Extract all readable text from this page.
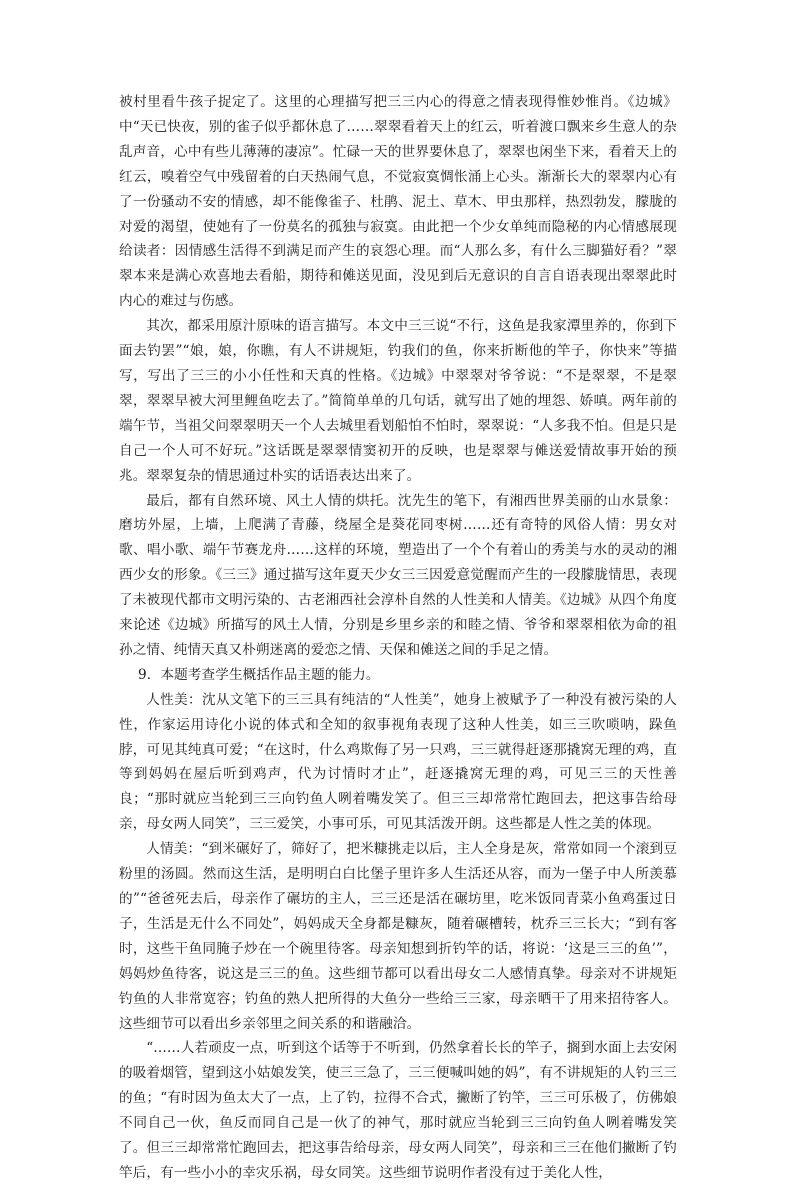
被村里看牛孩子捉定了。这里的心理描写把三三内心的得意之情表现得惟妙惟肖。《边城》中“天已快夜，别的雀子似乎都休息了……翠翠看着天上的红云，听着渡口飘来乡生意人的杂乱声音，心中有些儿薄薄的凄凉”。忙碌一天的世界要休息了，翠翠也闲坐下来，看着天上的红云，嗅着空气中残留着的白天热闹气息，不觉寂寞惆怅涌上心头。渐渐长大的翠翠内心有了一份骚动不安的情感，却不能像雀子、杜鹃、泥土、草木、甲虫那样，热烈勃发，朦胧的对爱的渴望，使她有了一份莫名的孤独与寂寞。由此把一个少女单纯而隐秘的内心情感展现给读者：因情感生活得不到满足而产生的哀怨心理。而“人那么多，有什么三脚猫好看？”翠翠本来是满心欢喜地去看船，期待和傩送见面，没见到后无意识的自言自语表现出翠翠此时内心的难过与伤感。

其次，都采用原汁原味的语言描写。本文中三三说“不行，这鱼是我家潭里养的，你到下面去钓罢”“娘，娘，你瞧，有人不讲规矩，钓我们的鱼，你来折断他的竿子，你快来”等描写，写出了三三的小小任性和天真的性格。《边城》中翠翠对爷爷说：“不是翠翠，不是翠翠，翠翠早被大河里鲤鱼吃去了。”简简单单的几句话，就写出了她的埋怨、娇嗔。两年前的端午节，当祖父问翠翠明天一个人去城里看划船怕不怕时，翠翠说：“人多我不怕。但是只是自己一个人可不好玩。”这话既是翠翠情窦初开的反映，也是翠翠与傩送爱情故事开始的预兆。翠翠复杂的情思通过朴实的话语表达出来了。

最后，都有自然环境、风土人情的烘托。沈先生的笔下，有湘西世界美丽的山水景象：磨坊外屋，上墙，上爬满了青藤，绕屋全是葵花同枣树……还有奇特的风俗人情：男女对歌、唱小歌、端午节赛龙舟……这样的环境，塑造出了一个个有着山的秀美与水的灵动的湘西少女的形象。《三三》通过描写这年夏天少女三三因爱意觉醒而产生的一段朦胧情思，表现了未被现代都市文明污染的、古老湘西社会淳朴自然的人性美和人情美。《边城》从四个角度来论述《边城》所描写的风土人情，分别是乡里乡亲的和睦之情、爷爷和翠翠相依为命的祖孙之情、纯情天真又朴朔迷离的爱恋之情、天保和傩送之间的手足之情。

9．本题考查学生概括作品主题的能力。

人性美：沈从文笔下的三三具有纯洁的“人性美”，她身上被赋予了一种没有被污染的人性，作家运用诗化小说的体式和全知的叙事视角表现了这种人性美，如三三吹唢呐，跺鱼脖，可见其纯真可爱；“在这时，什么鸡欺侮了另一只鸡，三三就得赶逐那撬窝无理的鸡，直等到妈妈在屋后听到鸡声，代为讨情时才止”，赶逐撬窝无理的鸡，可见三三的天性善良；“那时就应当轮到三三向钓鱼人咧着嘴发笑了。但三三却常常忙跑回去，把这事告给母亲，母女两人同笑”，三三爱笑，小事可乐，可见其活泼开朗。这些都是人性之美的体现。

人情美：“到米碾好了，筛好了，把米糠挑走以后，主人全身是灰，常常如同一个滚到豆粉里的汤圆。然而这生活，是明明白白比堡子里许多人生活还从容，而为一堡子中人所羡慕的”“爸爸死去后，母亲作了碾坊的主人，三三还是活在碾坊里，吃米饭同青菜小鱼鸡蛋过日子，生活是无什么不同处”，妈妈成天全身都是糠灰，随着碾槽转，枕乔三三长大；“到有客时，这些干鱼同腌子炒在一个碗里待客。母亲知想到折钓竿的话，将说：‘这是三三的鱼’”，妈妈炒鱼待客，说这是三三的鱼。这些细节都可以看出母女二人感情真挚。母亲对不讲规矩钓鱼的人非常宽容；钓鱼的熟人把所得的大鱼分一些给三三家，母亲晒干了用来招待客人。这些细节可以看出乡亲邻里之间关系的和谐融洽。

“……人若顽皮一点，听到这个话等于不听到，仍然拿着长长的竿子，搁到水面上去安闲的吸着烟管，望到这小姑娘发笑，使三三急了，三三便喊叫她的妈”，有不讲规矩的人钓三三的鱼；“有时因为鱼太大了一点，上了钓，拉得不合式，撇断了钓竿，三三可乐极了，仿佛娘不同自己一伙，鱼反而同自己是一伙了的神气，那时就应当轮到三三向钓鱼人咧着嘴发笑了。但三三却常常忙跑回去，把这事告给母亲，母女两人同笑”，母亲和三三在他们撇断了钓竿后，有一些小小的幸灾乐祸，母女同笑。这些细节说明作者没有过于美化人性，
